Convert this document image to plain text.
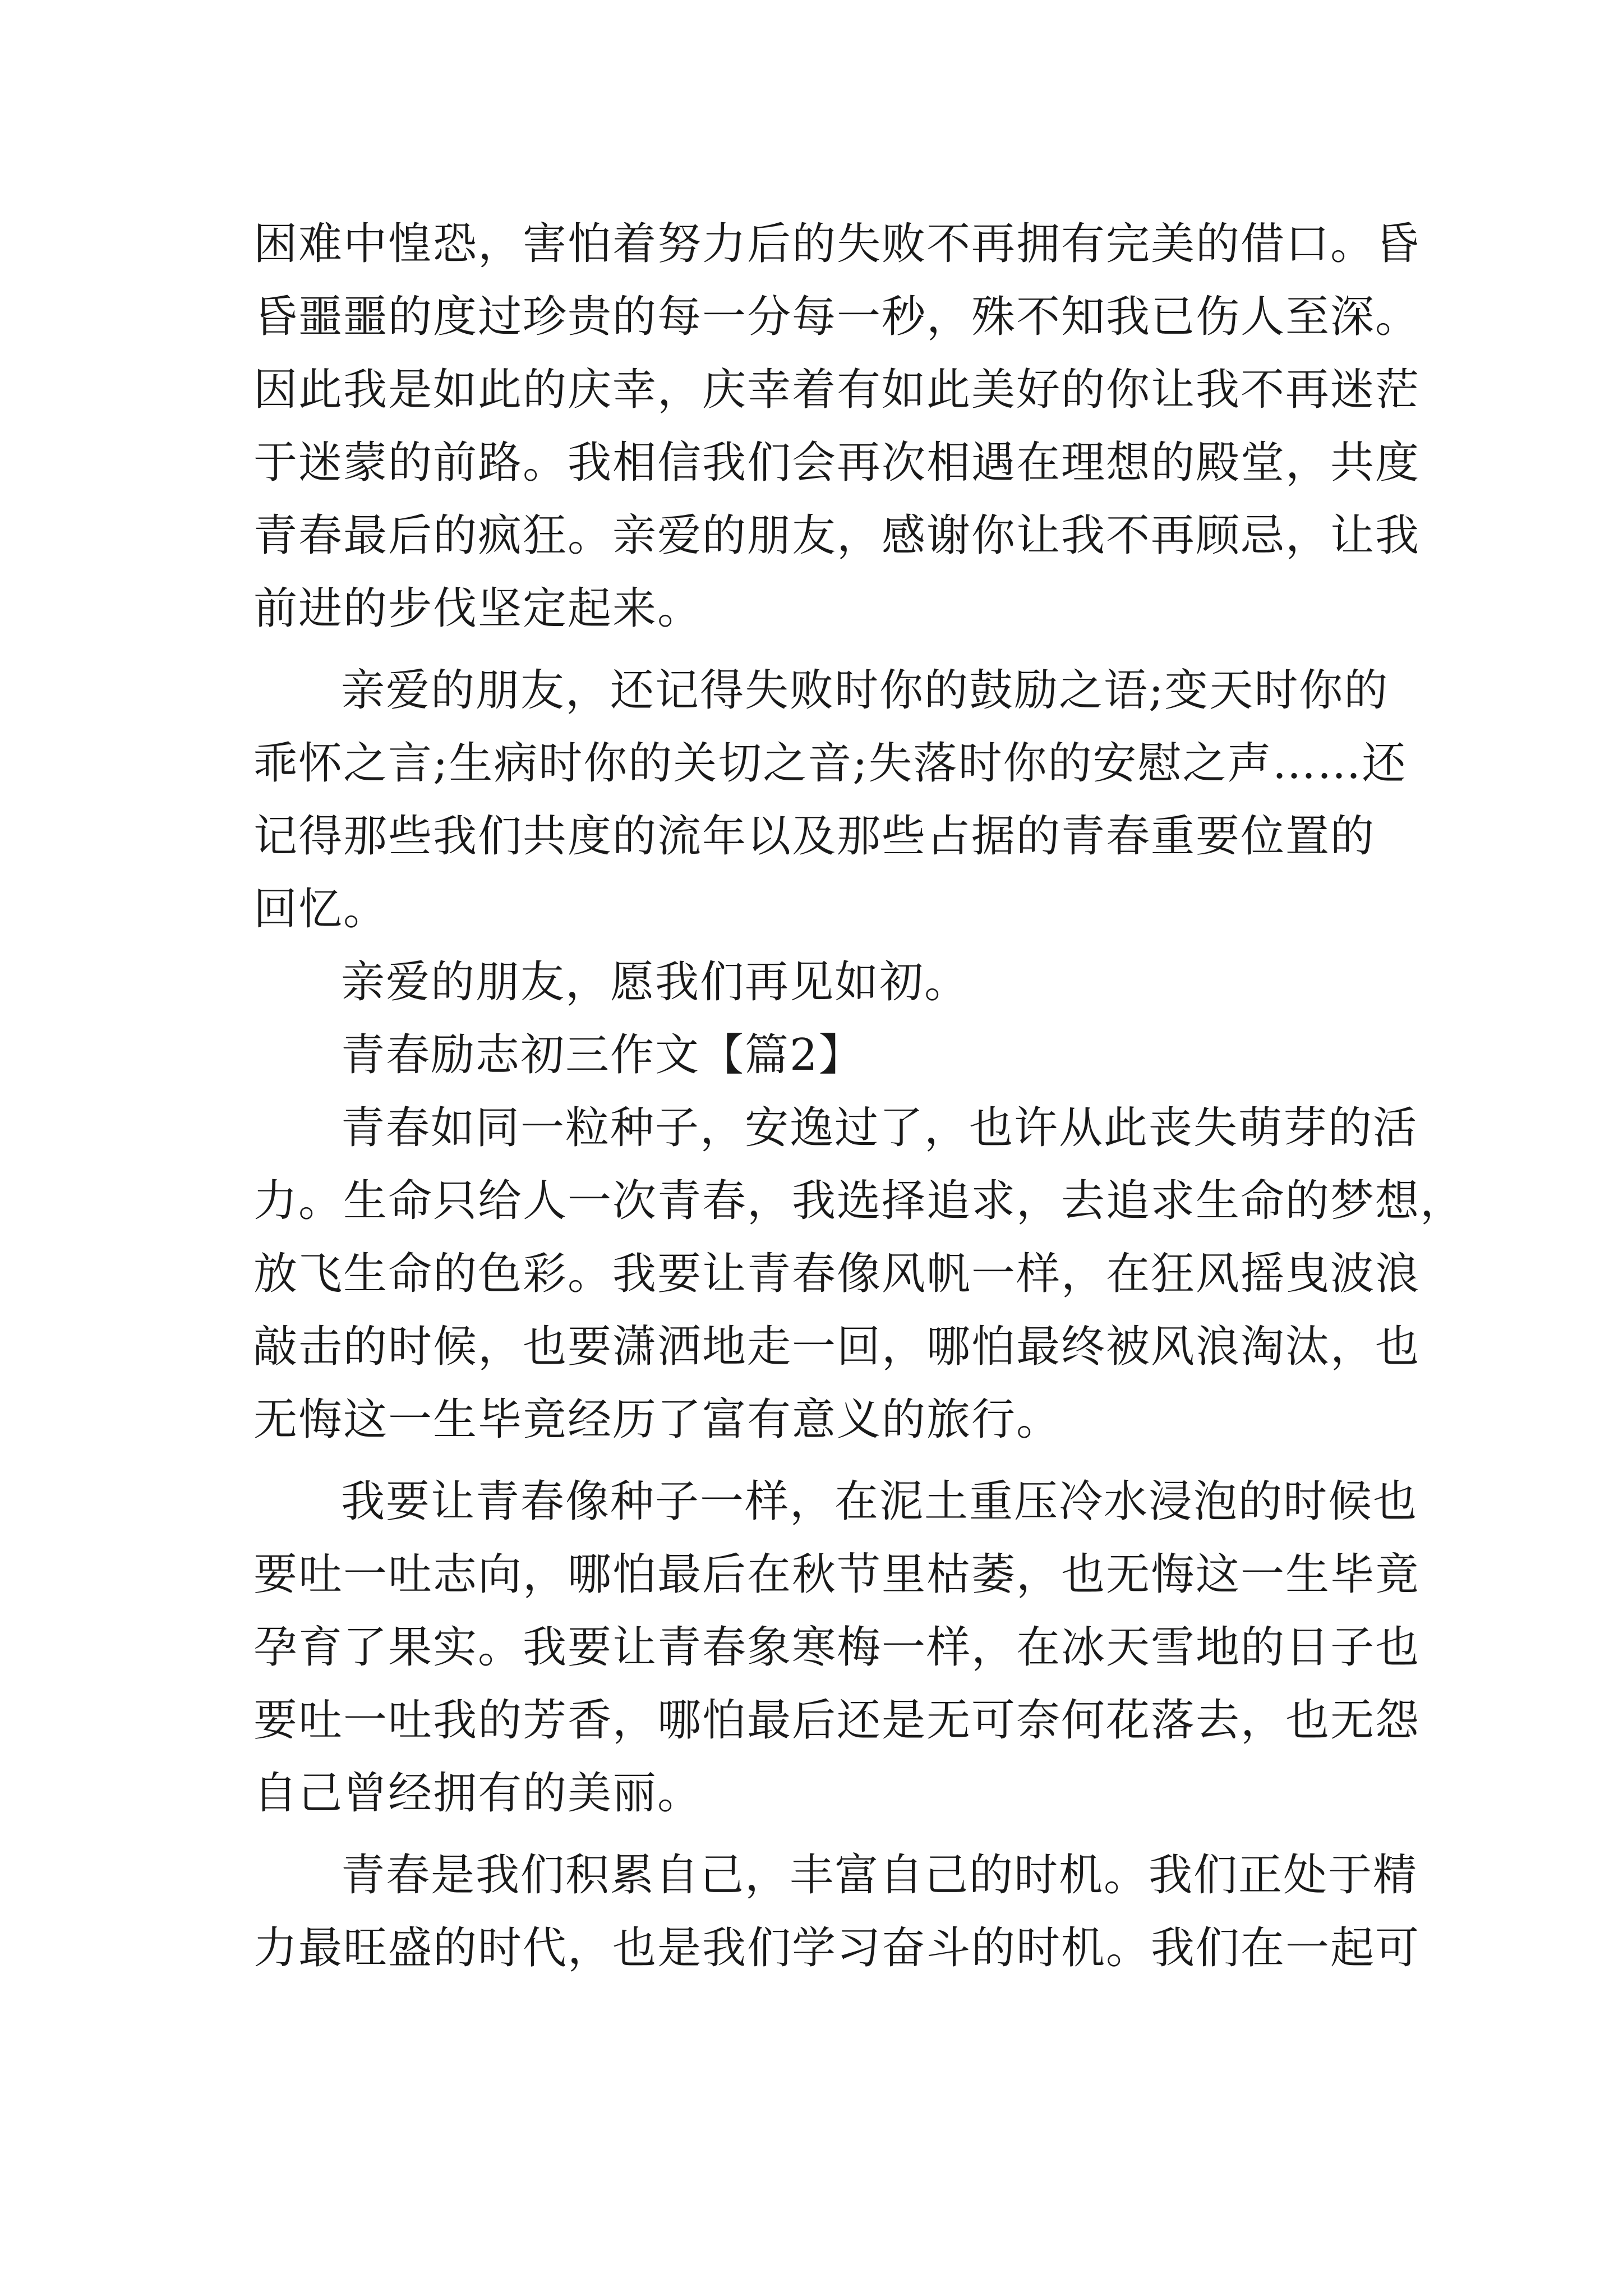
困难中惶恐，害怕着努力后的失败不再拥有完美的借口。昏
昏噩噩的度过珍贵的每一分每一秒，殊不知我已伤人至深。
因此我是如此的庆幸，庆幸着有如此美好的你让我不再迷茫
于迷蒙的前路。我相信我们会再次相遇在理想的殿堂，共度
青春最后的疯狂。亲爱的朋友，感谢你让我不再顾忌，让我
前进的步伐坚定起来。
亲爱的朋友，还记得失败时你的鼓励之语;变天时你的
乖怀之言;生病时你的关切之音;失落时你的安慰之声……还
记得那些我们共度的流年以及那些占据的青春重要位置的
回忆。
亲爱的朋友，愿我们再见如初。
青春励志初三作文【篇2】
青春如同一粒种子，安逸过了，也许从此丧失萌芽的活
力。生命只给人一次青春，我选择追求，去追求生命的梦想，
放飞生命的色彩。我要让青春像风帆一样，在狂风摇曳波浪
敲击的时候，也要潇洒地走一回，哪怕最终被风浪淘汰，也
无悔这一生毕竟经历了富有意义的旅行。
我要让青春像种子一样，在泥土重压冷水浸泡的时候也
要吐一吐志向，哪怕最后在秋节里枯萎，也无悔这一生毕竟
孕育了果实。我要让青春象寒梅一样，在冰天雪地的日子也
要吐一吐我的芳香，哪怕最后还是无可奈何花落去，也无怨
自己曾经拥有的美丽。
青春是我们积累自己，丰富自己的时机。我们正处于精
力最旺盛的时代，也是我们学习奋斗的时机。我们在一起可
